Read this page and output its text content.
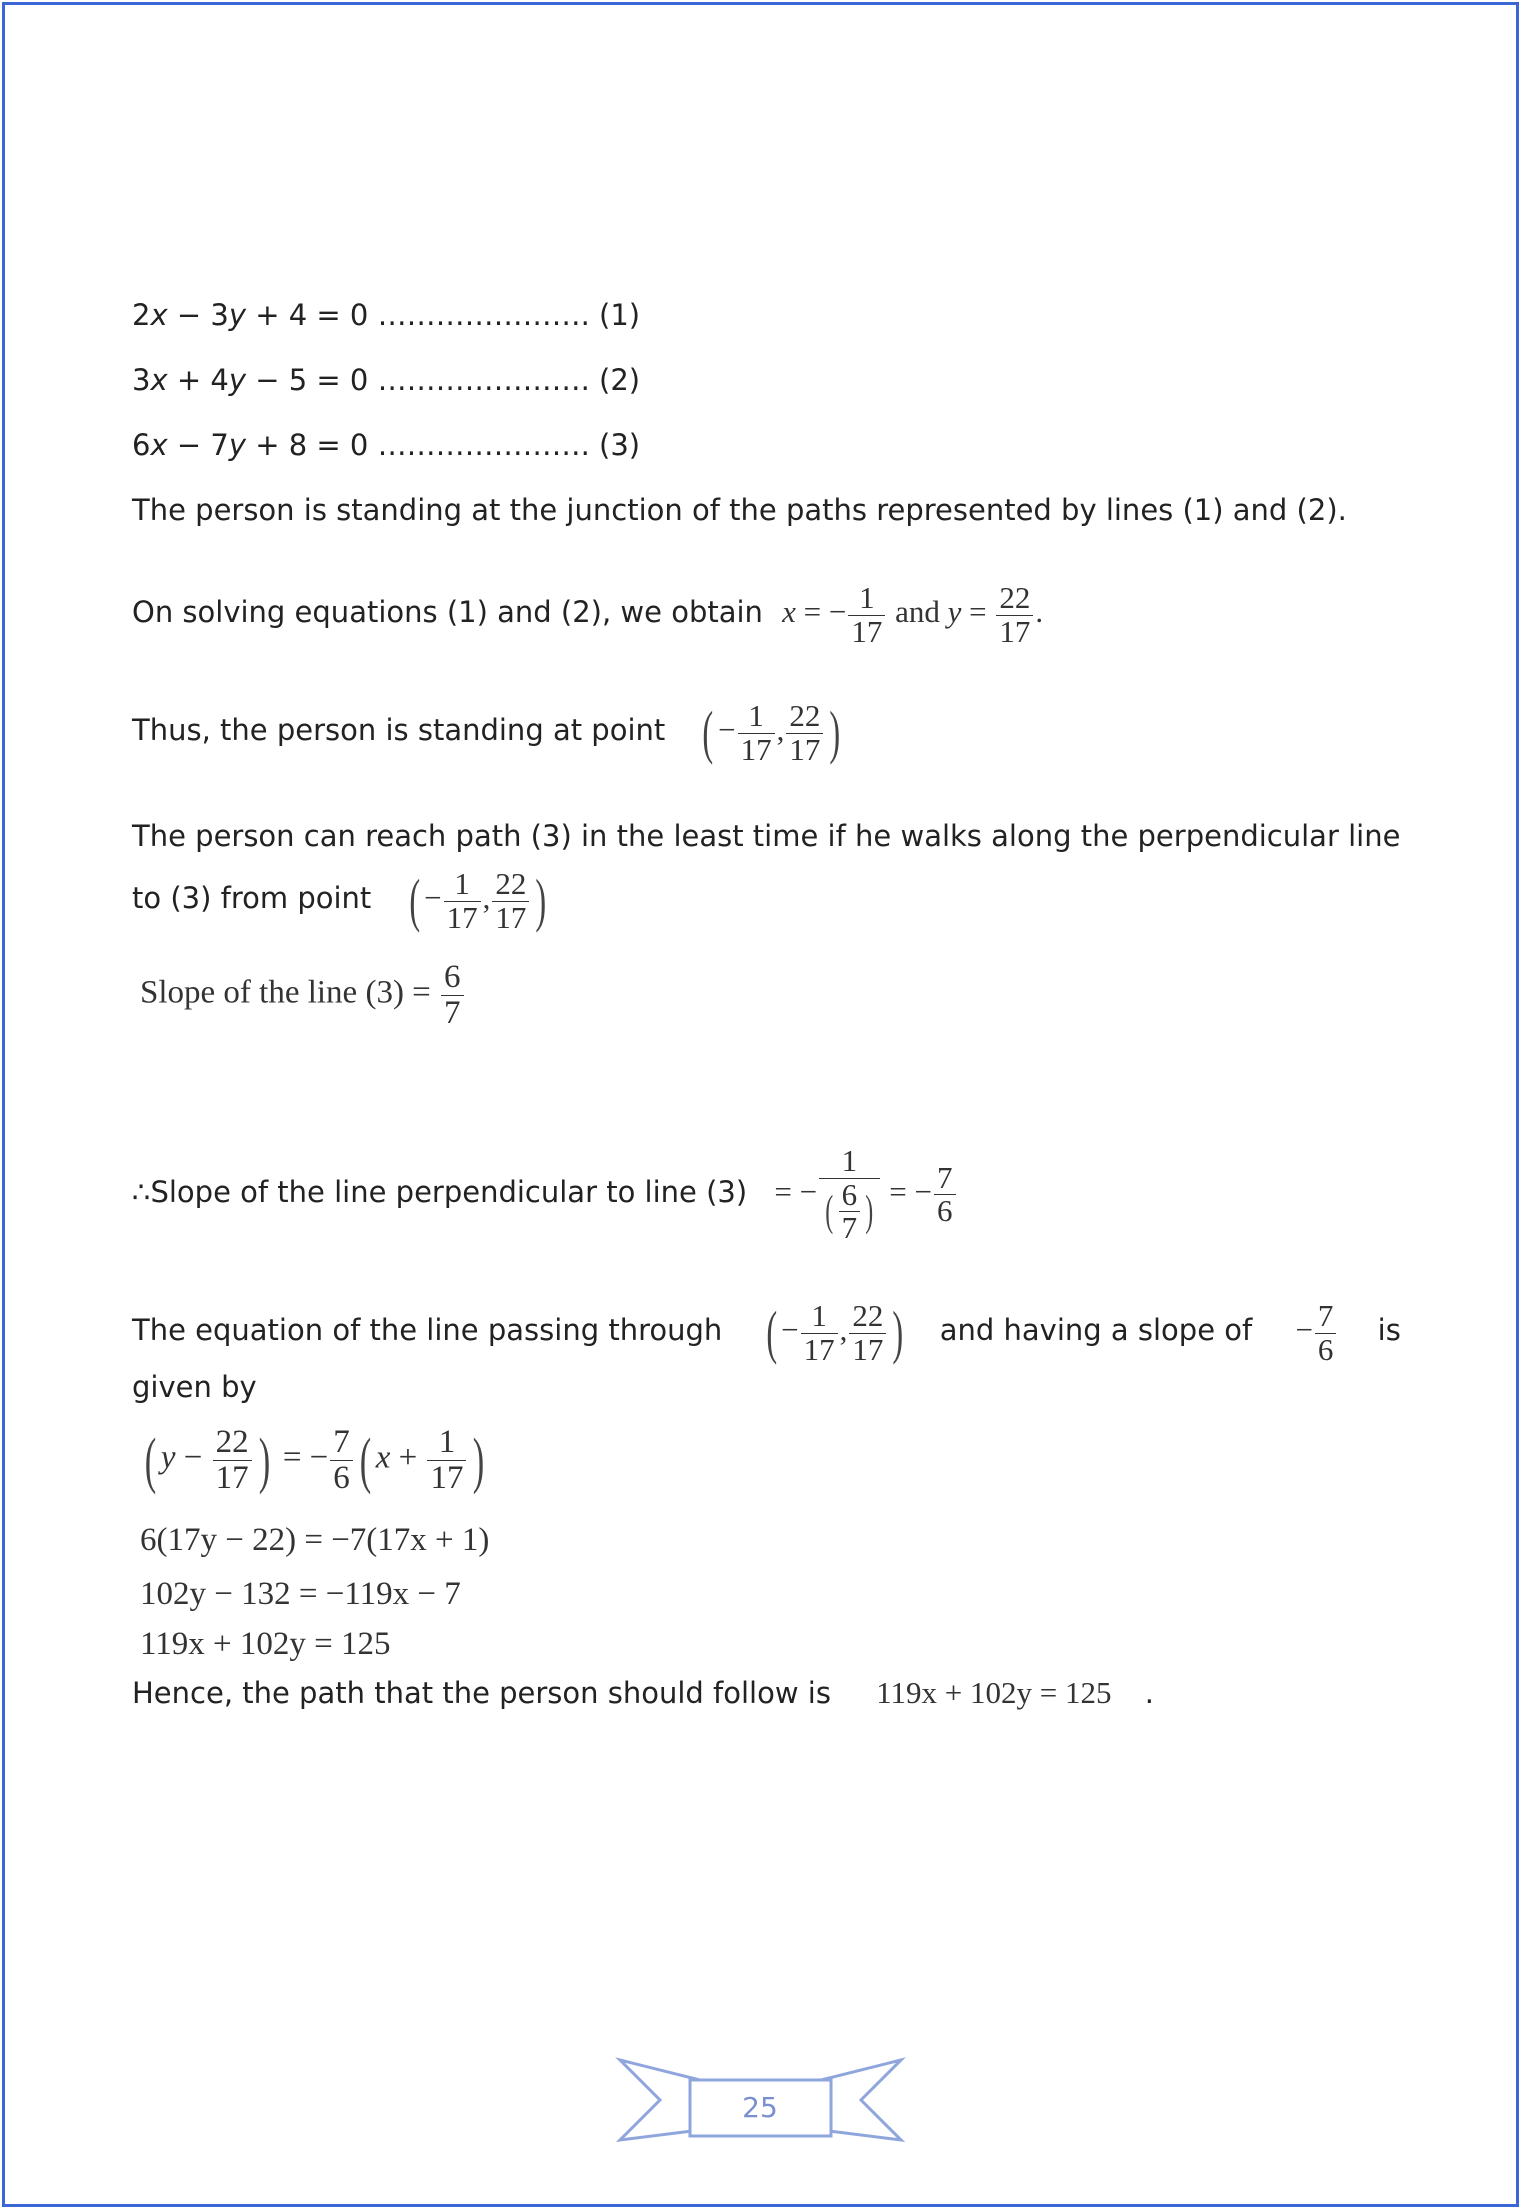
2x − 3y + 4 = 0 …………………. (1)
3x + 4y − 5 = 0 …………………. (2)
6x − 7y + 8 = 0 …………………. (3)
The person is standing at the junction of the paths represented by lines (1) and (2).
On solving equations (1) and (2), we obtain x = − $\frac{1}{17}$ and $y = \frac{22}{17}$ .
Thus, the person is standing at point ( − $\frac{1}{17}$ , $\frac{22}{17}$ )
The person can reach path (3) in the least time if he walks along the perpendicular line
to (3) from point ( − $\frac{1}{17}$ , $\frac{22}{17}$ )
Slope of the line $(3) = \frac{6}{7}$
∴Slope of the line perpendicular to line (3) = − $\frac{1}{( \frac{6}{7} )}$ = − $\frac{7}{6}$
The equation of the line passing through ( − $\frac{1}{17}$ , $\frac{22}{17}$ ) and having a slope of − $\frac{7}{6}$ is
given by
( $y - \frac{22}{17}$ ) = − $\frac{7}{6}$ ( $x + \frac{1}{17}$ )
6(17y − 22) = −7(17x + 1)
102y − 132 = −119x − 7
119x + 102y = 125
Hence, the path that the person should follow is 119x + 102y = 125 .
25
